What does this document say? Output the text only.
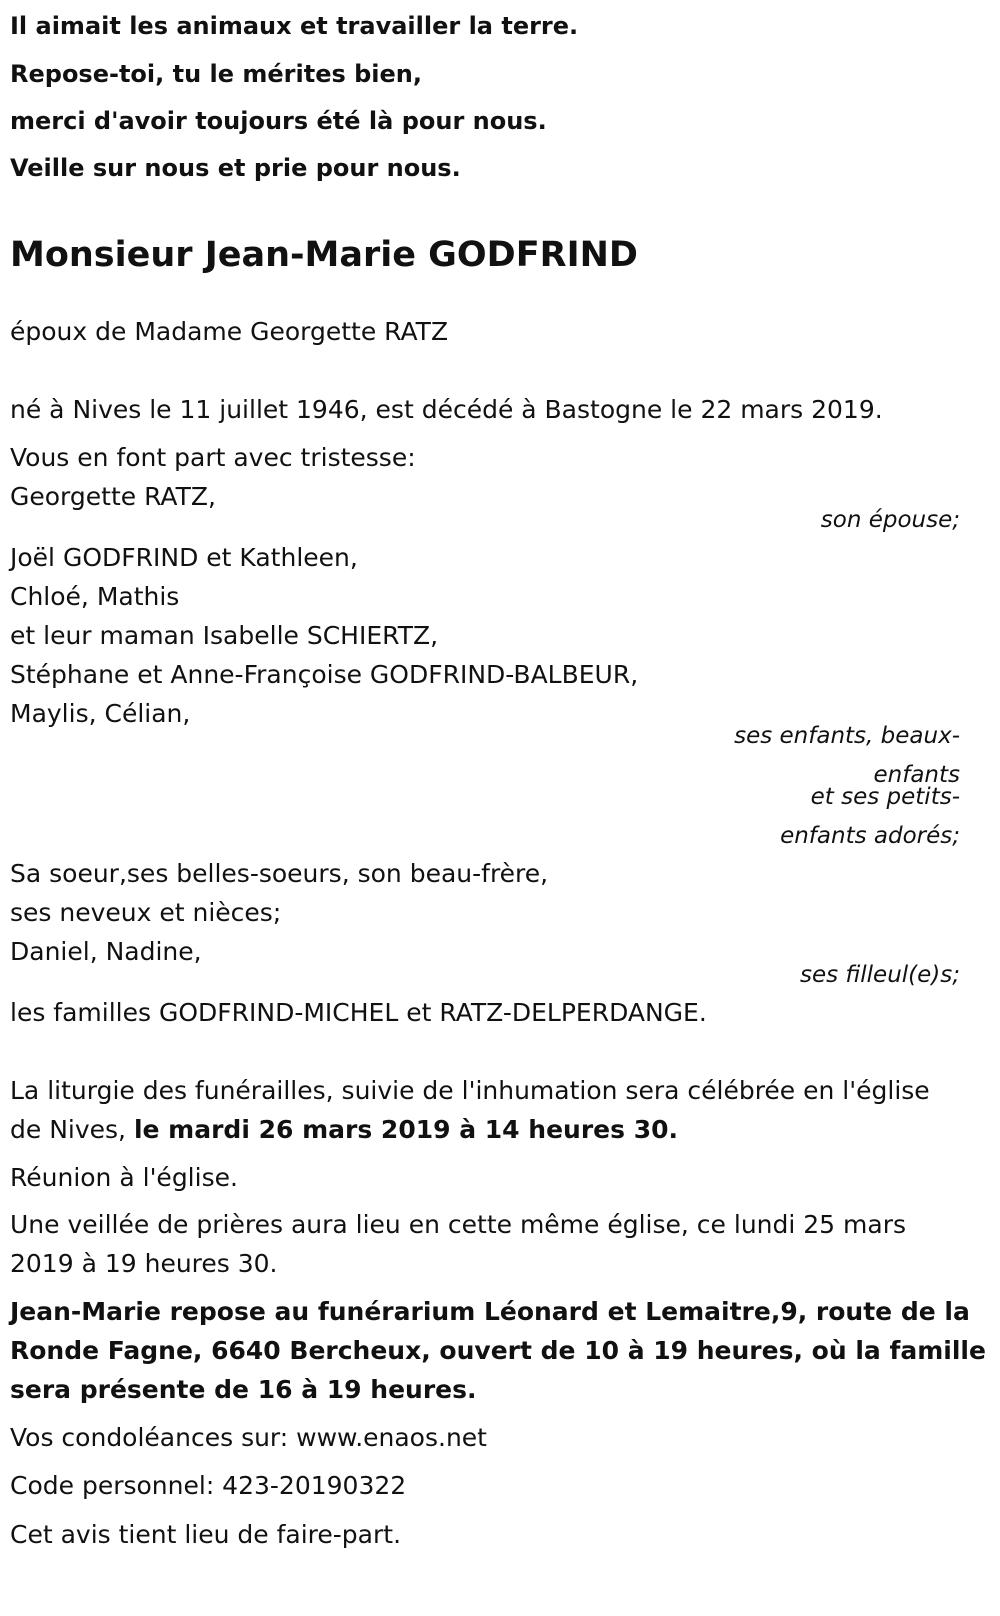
Il aimait les animaux et travailler la terre.
Repose-toi, tu le mérites bien,
merci d'avoir toujours été là pour nous.
Veille sur nous et prie pour nous.
Monsieur Jean-Marie GODFRIND
époux de Madame Georgette RATZ
né à Nives le 11 juillet 1946, est décédé à Bastogne le 22 mars 2019.
Vous en font part avec tristesse:
Georgette RATZ,
son épouse;
Joël GODFRIND et Kathleen,
Chloé, Mathis
et leur maman Isabelle SCHIERTZ,
Stéphane et Anne-Françoise GODFRIND-BALBEUR,
Maylis, Célian,
ses enfants, beaux-
enfants
et ses petits-
enfants adorés;
Sa soeur,ses belles-soeurs, son beau-frère,
ses neveux et nièces;
Daniel, Nadine,
ses filleul(e)s;
les familles GODFRIND-MICHEL et RATZ-DELPERDANGE.
La liturgie des funérailles, suivie de l'inhumation sera célébrée en l'église
de Nives, le mardi 26 mars 2019 à 14 heures 30.
Réunion à l'église.
Une veillée de prières aura lieu en cette même église, ce lundi 25 mars
2019 à 19 heures 30.
Jean-Marie repose au funérarium Léonard et Lemaitre,9, route de la
Ronde Fagne, 6640 Bercheux, ouvert de 10 à 19 heures, où la famille
sera présente de 16 à 19 heures.
Vos condoléances sur: www.enaos.net
Code personnel: 423-20190322
Cet avis tient lieu de faire-part.
